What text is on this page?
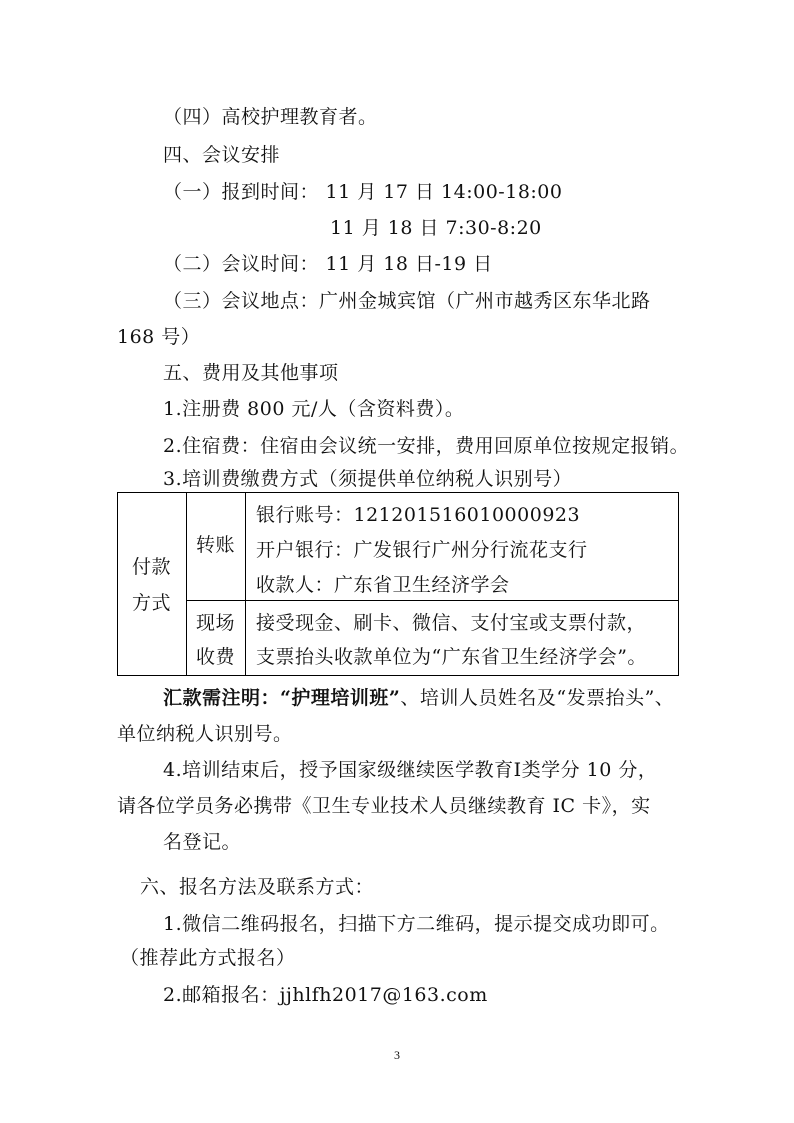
（四）高校护理教育者。
四、会议安排
（一）报到时间： 11 月 17 日 14:00-18:00
11 月 18 日 7:30-8:20
（二）会议时间： 11 月 18 日-19 日
（三）会议地点：广州金城宾馆（广州市越秀区东华北路
168 号）
五、费用及其他事项
1.注册费 800 元/人（含资料费）。
2.住宿费：住宿由会议统一安排，费用回原单位按规定报销。
3.培训费缴费方式（须提供单位纳税人识别号）
付款
方式
转账
银行账号：121201516010000923
开户银行：广发银行广州分行流花支行
收款人：广东省卫生经济学会
现场
收费
接受现金、刷卡、微信、支付宝或支票付款，
支票抬头收款单位为“广东省卫生经济学会”。
汇款需注明：“护理培训班”、培训人员姓名及“发票抬头”、
单位纳税人识别号。
4.培训结束后，授予国家级继续医学教育Ⅰ类学分 10 分，
请各位学员务必携带《卫生专业技术人员继续教育 IC 卡》，实
名登记。
六、报名方法及联系方式：
1.微信二维码报名，扫描下方二维码，提示提交成功即可。
（推荐此方式报名）
2.邮箱报名：jjhlfh2017@163.com
3
